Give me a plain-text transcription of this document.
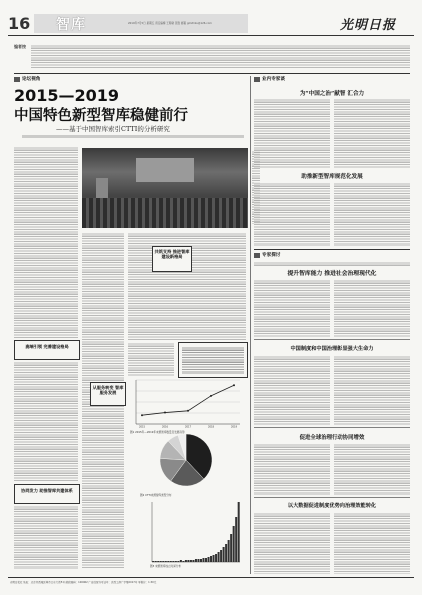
16 智库	2019年7月5日 星期五 责任编辑 王斯敏 张胜 邮箱 gmzhiku@126.com	光明日报
编者按
论坛视角
2015—2019
中国特色新型智库稳健前行
——基于中国智库索引CTTI的分析研究
高端引领 完善建设格局
协同发力 助推智库共建体系
从服务转变 智库服务发展
共筑支持 推进智库建设新格局
2015	2016	2017	2018	2019
图1 2015年—2019年来源智库数量及发展趋势
图2 CTTI来源智库类型分布
图3 来源智库成立时间分布
业内专家谈
为“中国之治”献智 汇合力
助推新型智库规范化发展
专家探讨
提升智库能力 推进社会治理现代化
中国制度和中国治理彰显强大生命力
促进全球治理行动协同增效
以大数据促进制度优势向治理效能转化
光明日报社 地址：北京市西城区珠市口东大街5号 邮政编码：100062 广告经营许可证号：京西工商广字第0017号 零售价：1.50元
